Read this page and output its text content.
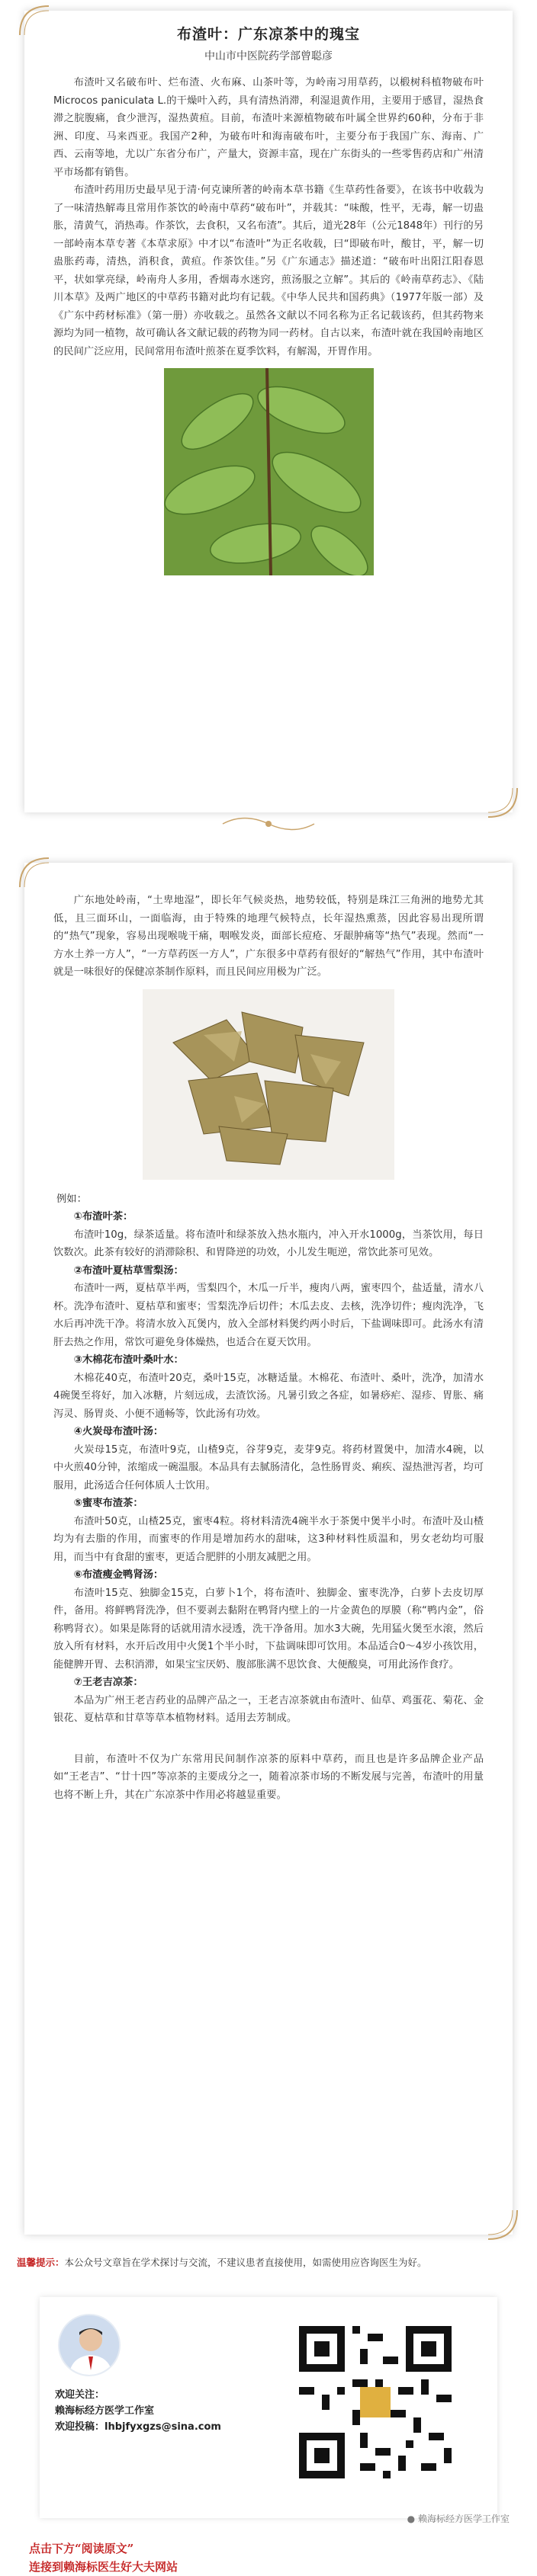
布渣叶：广东凉茶中的瑰宝
中山市中医院药学部曾聪彦

布渣叶又名破布叶、烂布渣、火布麻、山茶叶等，为岭南习用草药，以椴树科植物破布叶Microcos paniculata L.的干燥叶入药，具有清热消滞，利湿退黄作用，主要用于感冒，湿热食滞之脘腹痛，食少泄泻，湿热黄疸。目前，布渣叶来源植物破布叶属全世界约60种，分布于非洲、印度、马来西亚。我国产2种，为破布叶和海南破布叶，主要分布于我国广东、海南、广西、云南等地，尤以广东省分布广，产量大，资源丰富，现在广东街头的一些零售药店和广州清平市场都有销售。

布渣叶药用历史最早见于清·何克谏所著的岭南本草书籍《生草药性备要》，在该书中收载为了一味清热解毒且常用作茶饮的岭南中草药“破布叶”，并载其：“味酸，性平，无毒，解一切蛊胀，清黄气，消热毒。作茶饮，去食积，又名布渣”。其后，道光28年（公元1848年）刊行的另一部岭南本草专著《本草求原》中才以“布渣叶”为正名收载，曰“即破布叶，酸甘，平，解一切蛊胀药毒，清热，消积食，黄疸。作茶饮佳。”另《广东通志》描述道：“破布叶出阳江阳春恩平，状如掌亮绿，岭南舟人多用，香烟毒水迷窍，煎汤服之立解”。其后的《岭南草药志》、《陆川本草》及两广地区的中草药书籍对此均有记载。《中华人民共和国药典》（1977年版一部）及《广东中药材标准》（第一册）亦收载之。虽然各文献以不同名称为正名记载该药，但其药物来源均为同一植物，故可确认各文献记载的药物为同一药材。自古以来，布渣叶就在我国岭南地区的民间广泛应用，民间常用布渣叶煎茶在夏季饮料，有解渴，开胃作用。

广东地处岭南，“土卑地湿”，即长年气候炎热，地势较低，特别是珠江三角洲的地势尤其低，且三面环山，一面临海，由于特殊的地理气候特点，长年湿热熏蒸，因此容易出现所谓的“热气”现象，容易出现喉咙干痛，咽喉发炎，面部长痘疮、牙龈肿痛等“热气”表现。然而“一方水土养一方人”，“一方草药医一方人”，广东很多中草药有很好的“解热气”作用，其中布渣叶就是一味很好的保健凉茶制作原料，而且民间应用极为广泛。

例如：
①布渣叶茶：

布渣叶10g，绿茶适量。将布渣叶和绿茶放入热水瓶内，冲入开水1000g，当茶饮用，每日饮数次。此茶有较好的消滞除积、和胃降逆的功效，小儿发生呃逆，常饮此茶可见效。

②布渣叶夏枯草雪梨汤：

布渣叶一两，夏枯草半两，雪梨四个，木瓜一斤半，瘦肉八两，蜜枣四个，盐适量，清水八杯。洗净布渣叶、夏枯草和蜜枣；雪梨洗净后切件；木瓜去皮、去核，洗净切件；瘦肉洗净，飞水后再冲洗干净。将清水放入瓦煲内，放入全部材料煲约两小时后，下盐调味即可。此汤水有清肝去热之作用，常饮可避免身体燥热，也适合在夏天饮用。

③木棉花布渣叶桑叶水：

木棉花40克，布渣叶20克，桑叶15克，冰糖适量。木棉花、布渣叶、桑叶，洗净，加清水4碗煲至将好，加入冰糖，片刻远成，去渣饮汤。凡暑引致之各症，如暑痧疟、湿疹、胃胀、痛泻灵、肠胃炎、小便不通畅等，饮此汤有功效。

④火炭母布渣叶汤：

火炭母15克，布渣叶9克，山楂9克，谷芽9克，麦芽9克。将药材置煲中，加清水4碗，以中火煎40分钟，浓缩成一碗温服。本品具有去腻肠清化，急性肠胃炎、痢疾、湿热泄泻者，均可服用，此汤适合任何体质人士饮用。

⑤蜜枣布渣茶：

布渣叶50克，山楂25克，蜜枣4粒。将材料清洗4碗半水于茶煲中煲半小时。布渣叶及山楂均为有去脂的作用，而蜜枣的作用是增加药水的甜味，这3种材料性质温和，男女老幼均可服用，而当中有食甜的蜜枣，更适合肥胖的小朋友减肥之用。

⑥布渣瘦金鸭肾汤：

布渣叶15克、独脚金15克，白萝卜1个，将布渣叶、独脚金、蜜枣洗净，白萝卜去皮切厚件，备用。将鲜鸭肾洗净，但不要剥去黏附在鸭肾内壁上的一片金黄色的厚膜（称“鸭内金”，俗称鸭肾衣）。如果是陈肾的话就用清水浸透，洗干净备用。加水3大碗，先用猛火煲至水滚，然后放入所有材料，水开后改用中火煲1个半小时，下盐调味即可饮用。本品适合0～4岁小孩饮用，能健脾开胃、去积消滞，如果宝宝厌奶、腹部胀满不思饮食、大便酸臭，可用此汤作食疗。

⑦王老吉凉茶：

本品为广州王老吉药业的品牌产品之一，王老吉凉茶就由布渣叶、仙草、鸡蛋花、菊花、金银花、夏枯草和甘草等草本植物材料。适用去芳制成。

目前，布渣叶不仅为广东常用民间制作凉茶的原料中草药，而且也是许多品牌企业产品如“王老吉”、“廿十四”等凉茶的主要成分之一，随着凉茶市场的不断发展与完善，布渣叶的用量也将不断上升，其在广东凉茶中作用必将越显重要。

温馨提示：本公众号文章旨在学术探讨与交流，不建议患者直接使用，如需使用应咨询医生为好。
欢迎关注：
赖海标经方医学工作室
欢迎投稿：lhbjfyxgzs@sina.com
点击下方“阅读原文”
连接到赖海标医生好大夫网站
● 赖海标经方医学工作室
